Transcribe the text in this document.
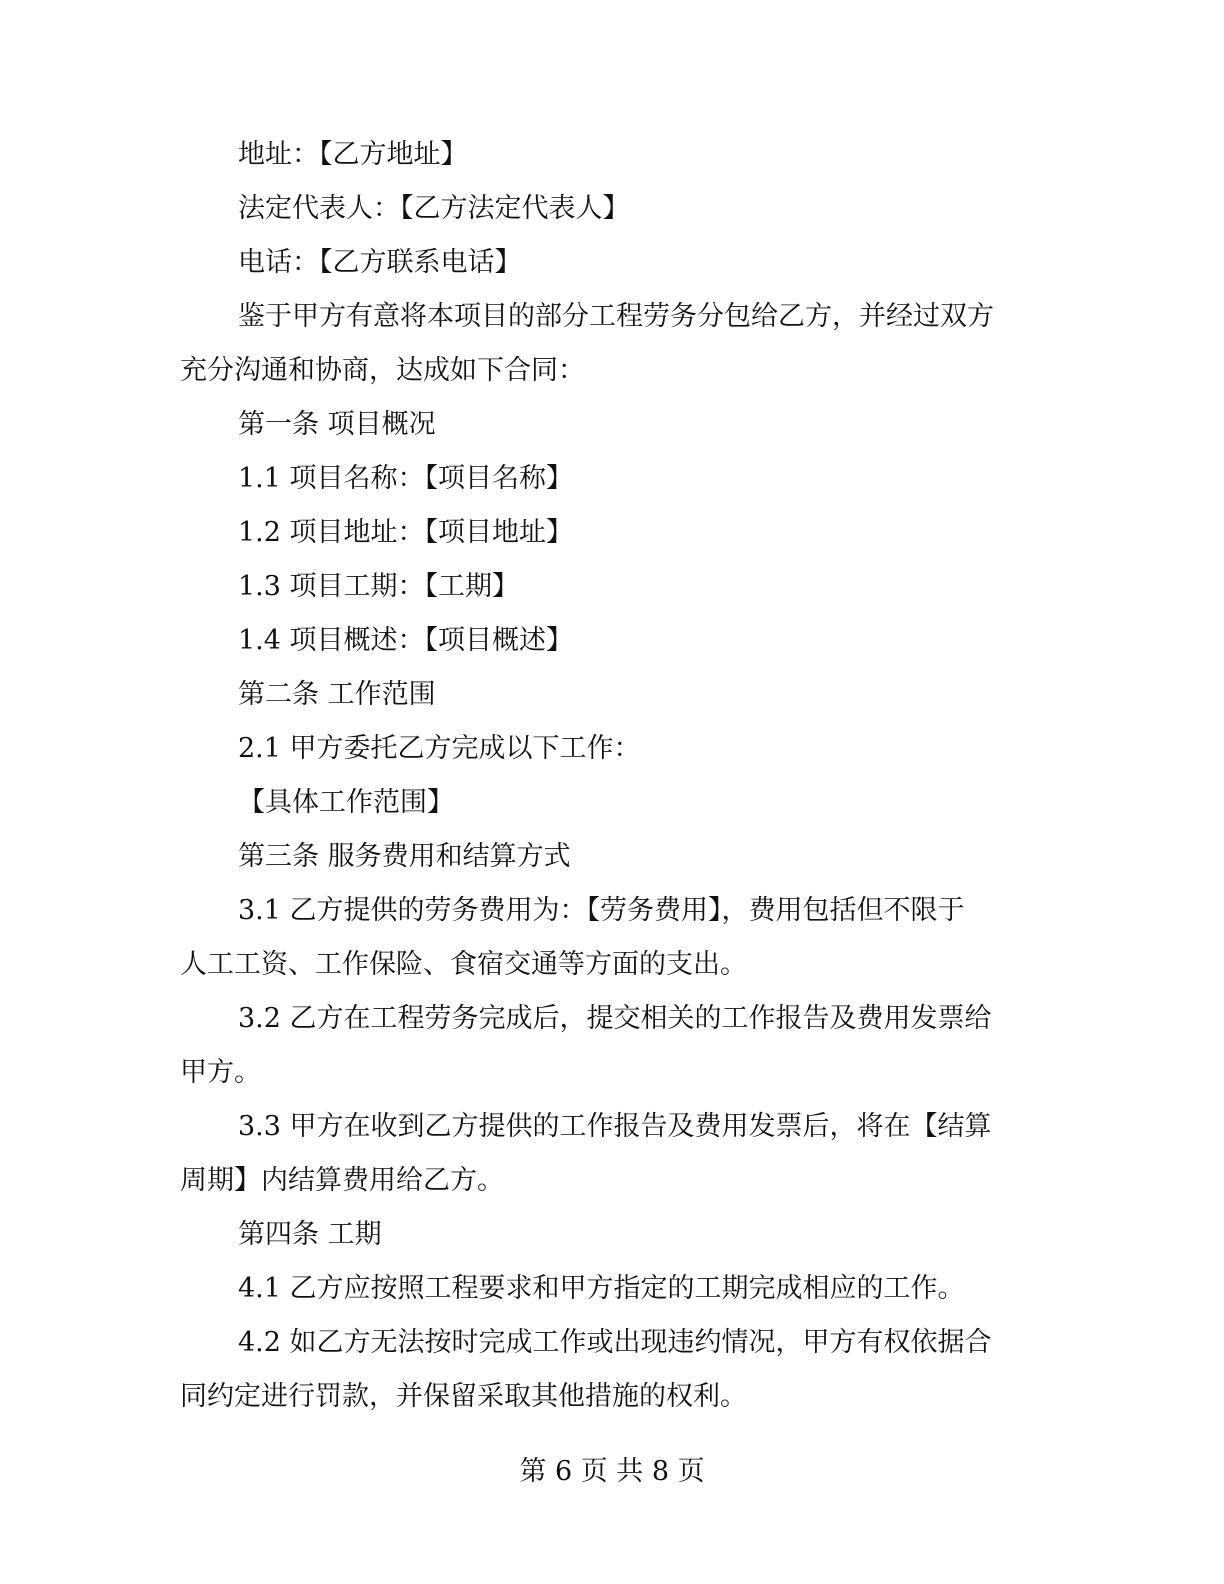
地址：【乙方地址】
法定代表人：【乙方法定代表人】
电话：【乙方联系电话】
鉴于甲方有意将本项目的部分工程劳务分包给乙方，并经过双方
充分沟通和协商，达成如下合同：
第一条 项目概况
1.1 项目名称：【项目名称】
1.2 项目地址：【项目地址】
1.3 项目工期：【工期】
1.4 项目概述：【项目概述】
第二条 工作范围
2.1 甲方委托乙方完成以下工作：
【具体工作范围】
第三条 服务费用和结算方式
3.1 乙方提供的劳务费用为：【劳务费用】，费用包括但不限于
人工工资、工作保险、食宿交通等方面的支出。
3.2 乙方在工程劳务完成后，提交相关的工作报告及费用发票给
甲方。
3.3 甲方在收到乙方提供的工作报告及费用发票后，将在【结算
周期】内结算费用给乙方。
第四条 工期
4.1 乙方应按照工程要求和甲方指定的工期完成相应的工作。
4.2 如乙方无法按时完成工作或出现违约情况，甲方有权依据合
同约定进行罚款，并保留采取其他措施的权利。
第 6 页 共 8 页
